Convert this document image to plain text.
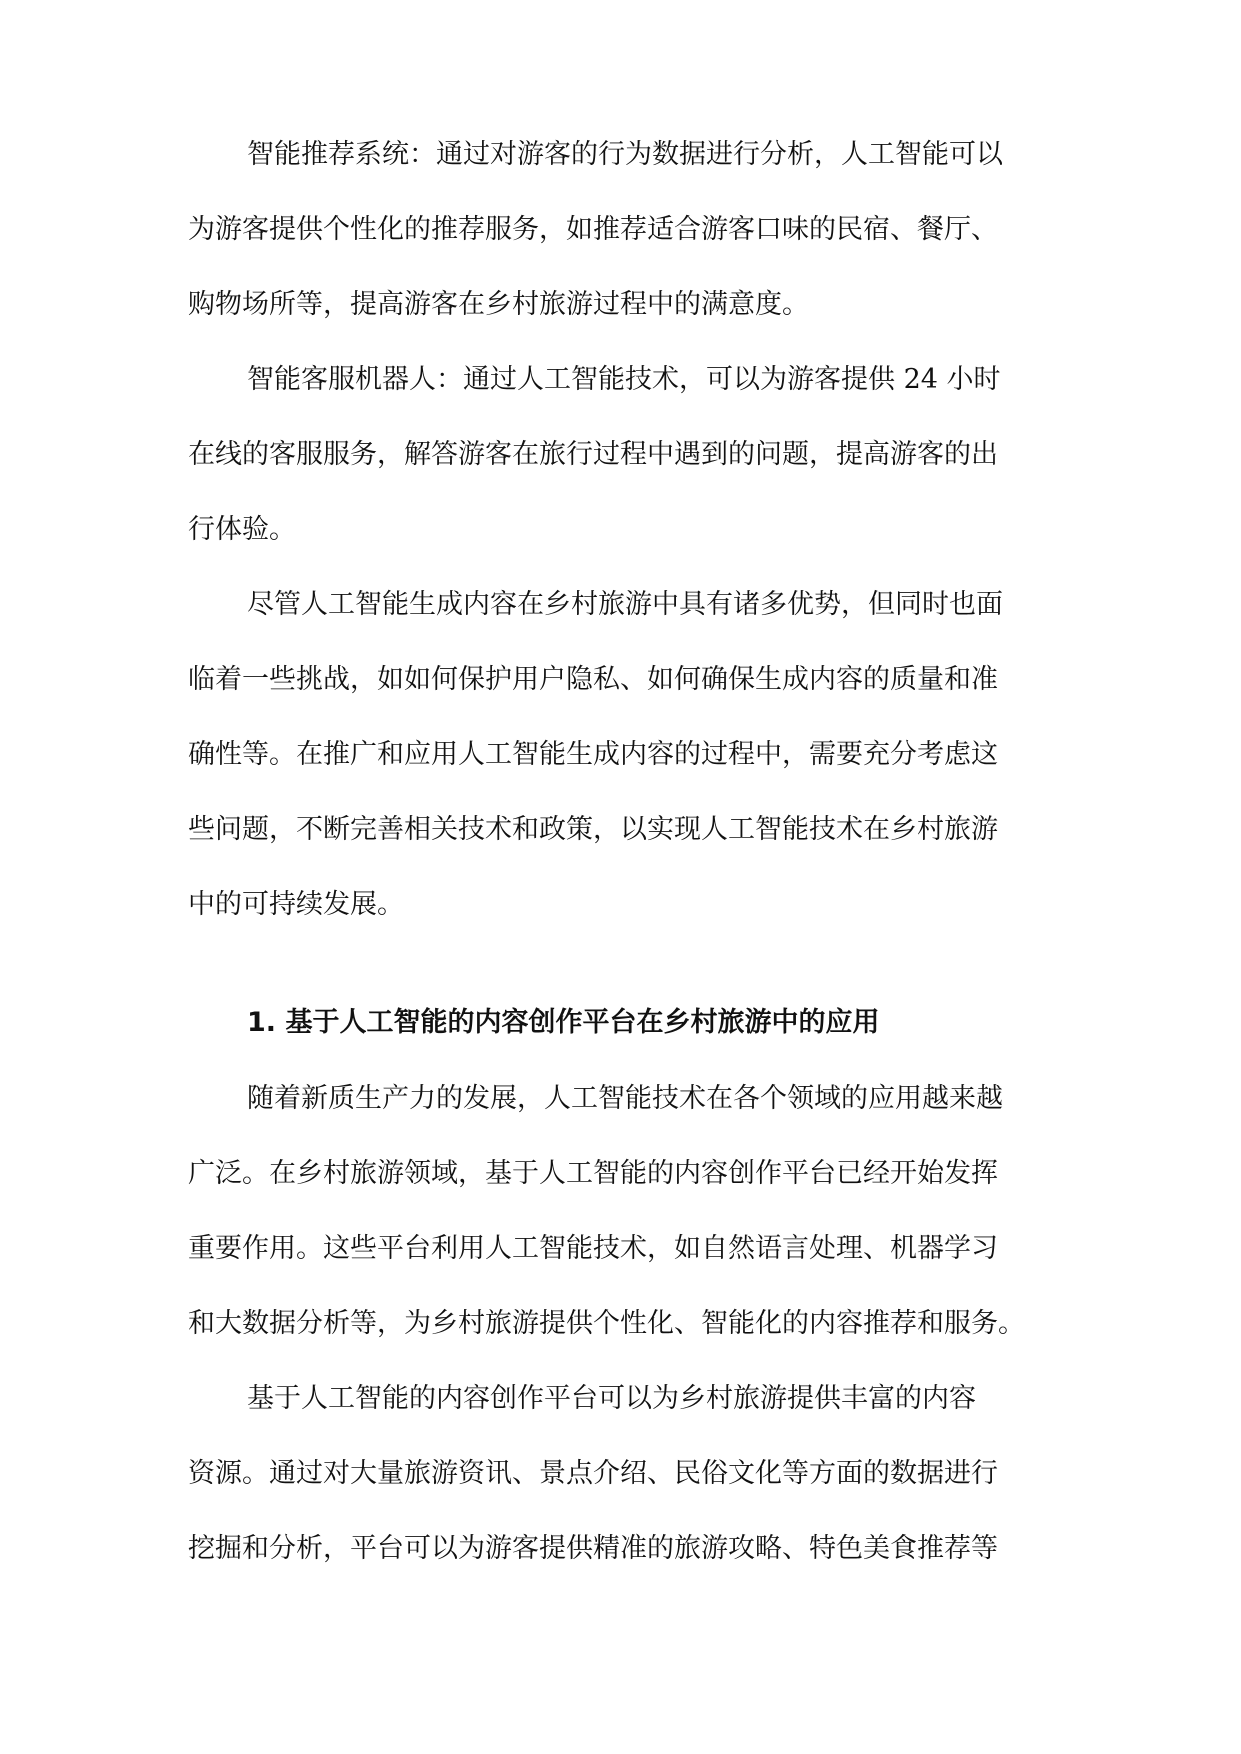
智能推荐系统：通过对游客的行为数据进行分析，人工智能可以
为游客提供个性化的推荐服务，如推荐适合游客口味的民宿、餐厅、
购物场所等，提高游客在乡村旅游过程中的满意度。
智能客服机器人：通过人工智能技术，可以为游客提供 24 小时
在线的客服服务，解答游客在旅行过程中遇到的问题，提高游客的出
行体验。
尽管人工智能生成内容在乡村旅游中具有诸多优势，但同时也面
临着一些挑战，如如何保护用户隐私、如何确保生成内容的质量和准
确性等。在推广和应用人工智能生成内容的过程中，需要充分考虑这
些问题，不断完善相关技术和政策，以实现人工智能技术在乡村旅游
中的可持续发展。
1. 基于人工智能的内容创作平台在乡村旅游中的应用
随着新质生产力的发展，人工智能技术在各个领域的应用越来越
广泛。在乡村旅游领域，基于人工智能的内容创作平台已经开始发挥
重要作用。这些平台利用人工智能技术，如自然语言处理、机器学习
和大数据分析等，为乡村旅游提供个性化、智能化的内容推荐和服务。
基于人工智能的内容创作平台可以为乡村旅游提供丰富的内容
资源。通过对大量旅游资讯、景点介绍、民俗文化等方面的数据进行
挖掘和分析，平台可以为游客提供精准的旅游攻略、特色美食推荐等
